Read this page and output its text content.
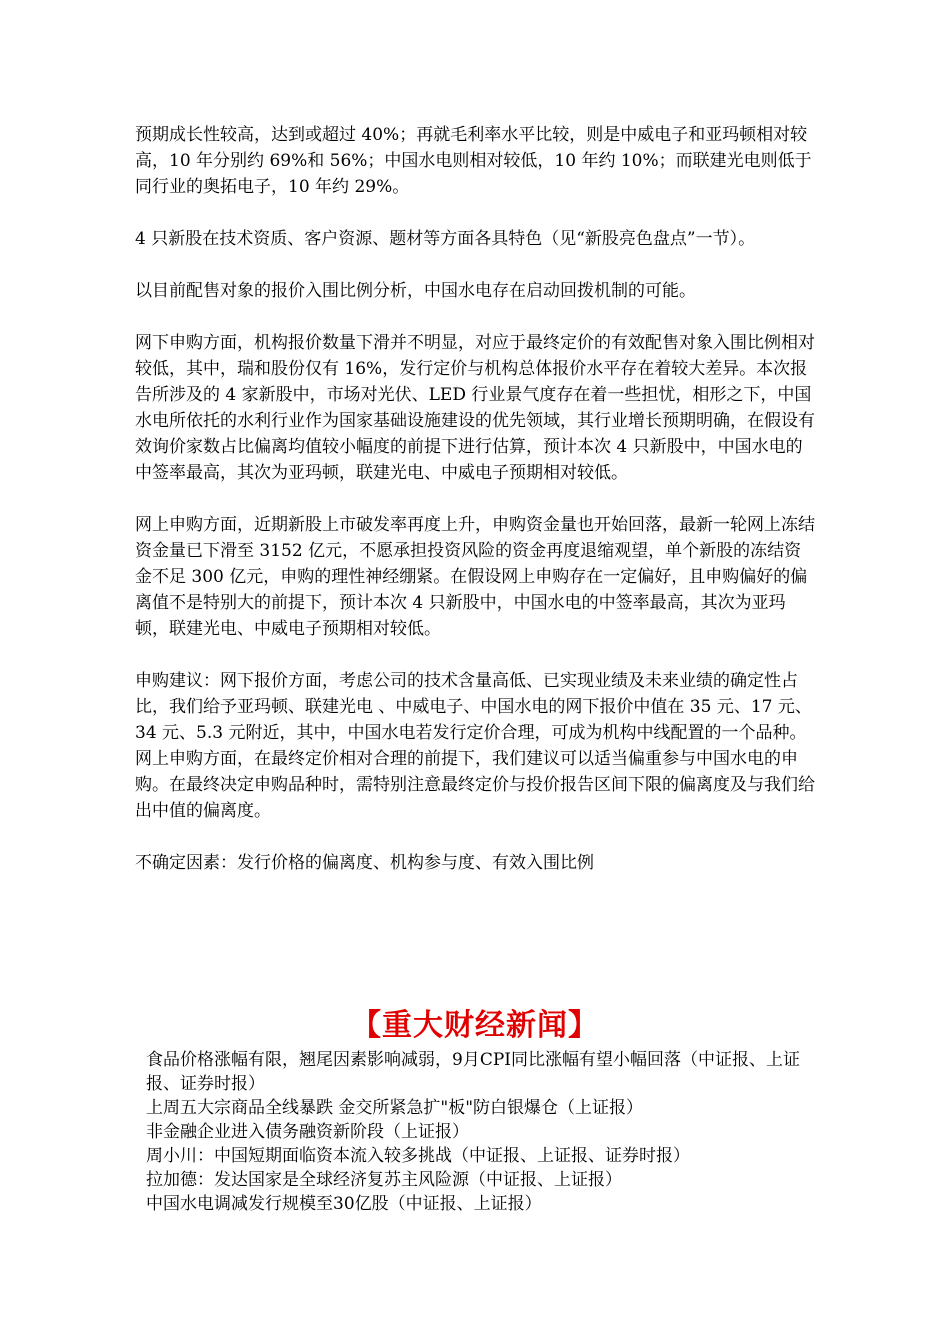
预期成长性较高，达到或超过 40%；再就毛利率水平比较，则是中威电子和亚玛顿相对较高，10 年分别约 69%和 56%；中国水电则相对较低，10 年约 10%；而联建光电则低于同行业的奥拓电子，10 年约 29%。

4 只新股在技术资质、客户资源、题材等方面各具特色（见“新股亮色盘点”一节）。

以目前配售对象的报价入围比例分析，中国水电存在启动回拨机制的可能。

网下申购方面，机构报价数量下滑并不明显，对应于最终定价的有效配售对象入围比例相对较低，其中，瑞和股份仅有 16%，发行定价与机构总体报价水平存在着较大差异。本次报告所涉及的 4 家新股中，市场对光伏、LED 行业景气度存在着一些担忧，相形之下，中国水电所依托的水利行业作为国家基础设施建设的优先领域，其行业增长预期明确，在假设有效询价家数占比偏离均值较小幅度的前提下进行估算，预计本次 4 只新股中，中国水电的中签率最高，其次为亚玛顿，联建光电、中威电子预期相对较低。

网上申购方面，近期新股上市破发率再度上升，申购资金量也开始回落，最新一轮网上冻结资金量已下滑至 3152 亿元，不愿承担投资风险的资金再度退缩观望，单个新股的冻结资金不足 300 亿元，申购的理性神经绷紧。在假设网上申购存在一定偏好，且申购偏好的偏离值不是特别大的前提下，预计本次 4 只新股中，中国水电的中签率最高，其次为亚玛顿，联建光电、中威电子预期相对较低。

申购建议：网下报价方面，考虑公司的技术含量高低、已实现业绩及未来业绩的确定性占比，我们给予亚玛顿、联建光电 、中威电子、中国水电的网下报价中值在 35 元、17 元、34 元、5.3 元附近，其中，中国水电若发行定价合理，可成为机构中线配置的一个品种。网上申购方面，在最终定价相对合理的前提下，我们建议可以适当偏重参与中国水电的申购。在最终决定申购品种时，需特别注意最终定价与投价报告区间下限的偏离度及与我们给出中值的偏离度。

不确定因素：发行价格的偏离度、机构参与度、有效入围比例

【重大财经新闻】
食品价格涨幅有限，翘尾因素影响减弱，9月CPI同比涨幅有望小幅回落（中证报、上证报、证券时报）
上周五大宗商品全线暴跌 金交所紧急扩"板"防白银爆仓（上证报）
非金融企业进入债务融资新阶段（上证报）
周小川：中国短期面临资本流入较多挑战（中证报、上证报、证券时报）
拉加德：发达国家是全球经济复苏主风险源（中证报、上证报）
中国水电调减发行规模至30亿股（中证报、上证报）
